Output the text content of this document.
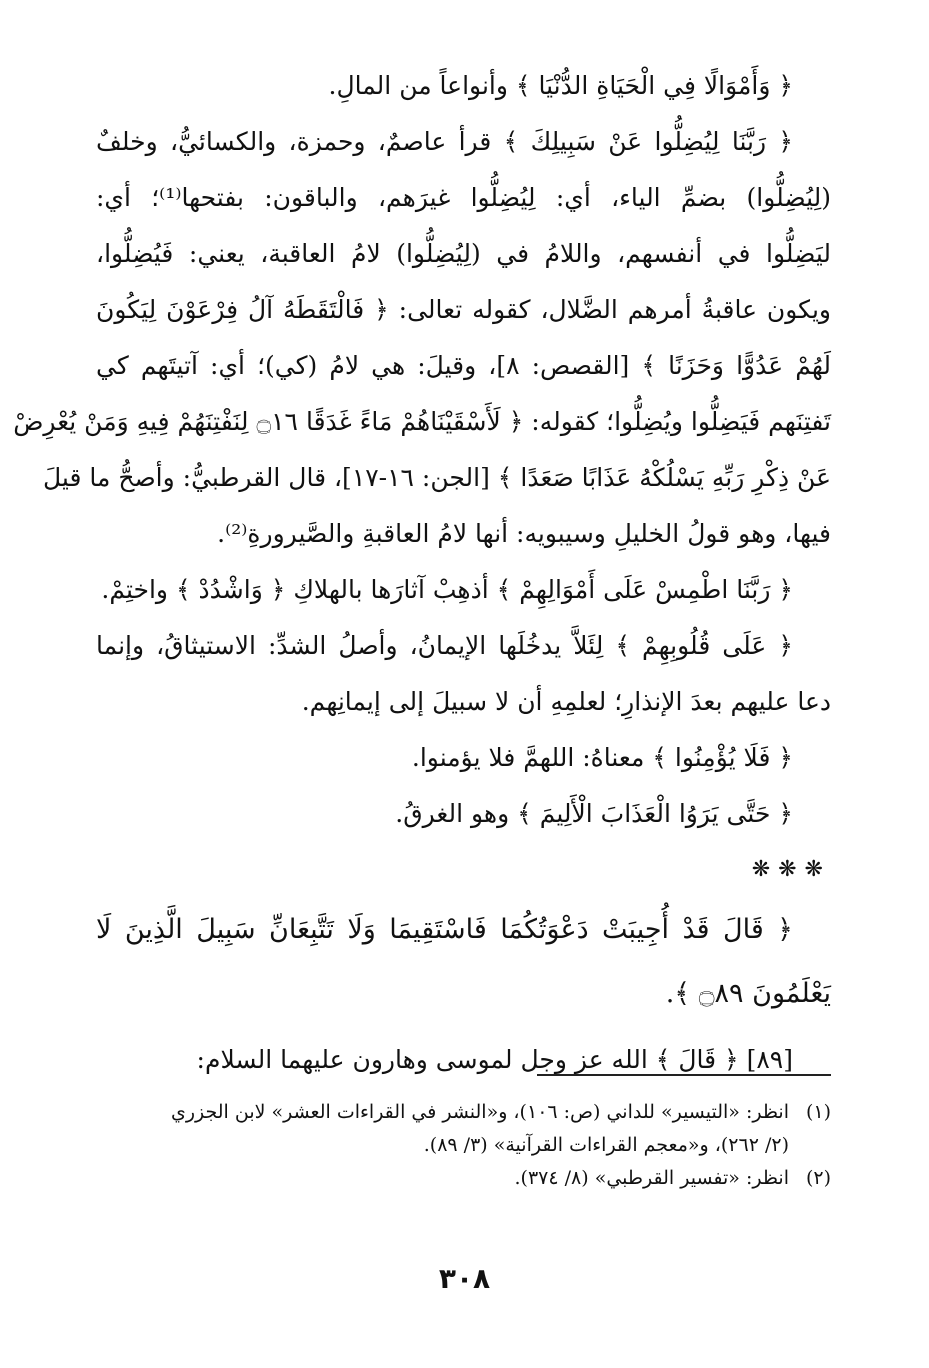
﴿ وَأَمْوَالًا فِي الْحَيَاةِ الدُّنْيَا ﴾ وأنواعاً من المالِ.
﴿ رَبَّنَا لِيُضِلُّوا عَنْ سَبِيلِكَ ﴾ قرأ عاصمٌ، وحمزة، والكسائيُّ، وخلفٌ
(لِيُضِلُّوا) بضمِّ الياء، أي: لِيُضِلُّوا غيرَهم، والباقون: بفتحها⁽¹⁾؛ أي:
ليَضِلُّوا في أنفسهم، واللامُ في (لِيُضِلُّوا) لامُ العاقبة، يعني: فَيُضِلُّوا،
ويكون عاقبةُ أمرهم الضَّلال، كقوله تعالى: ﴿ فَالْتَقَطَهُ آلُ فِرْعَوْنَ لِيَكُونَ
لَهُمْ عَدُوًّا وَحَزَنًا ﴾ [القصص: ٨]، وقيلَ: هي لامُ (كي)؛ أي: آتيتَهم كي
تَفتِنَهم فَيَضِلُّوا ويُضِلُّوا؛ كقوله: ﴿ لَأَسْقَيْنَاهُمْ مَاءً غَدَقًا ۝١٦ لِنَفْتِنَهُمْ فِيهِ وَمَنْ يُعْرِضْ
عَنْ ذِكْرِ رَبِّهِ يَسْلُكْهُ عَذَابًا صَعَدًا ﴾ [الجن: ١٦-١٧]، قال القرطبيُّ: وأصحُّ ما قيلَ
فيها، وهو قولُ الخليلِ وسيبويه: أنها لامُ العاقبةِ والصَّيرورةِ⁽²⁾.
﴿ رَبَّنَا اطْمِسْ عَلَى أَمْوَالِهِمْ ﴾ أذهِبْ آثارَها بالهلاكِ ﴿ وَاشْدُدْ ﴾ واختِمْ.
﴿ عَلَى قُلُوبِهِمْ ﴾ لِئَلاَّ يدخُلَها الإيمانُ، وأصلُ الشدِّ: الاستيثاقُ، وإنما
دعا عليهم بعدَ الإنذارِ؛ لعلمِهِ أن لا سبيلَ إلى إيمانِهم.
﴿ فَلَا يُؤْمِنُوا ﴾ معناهُ: اللهمَّ فلا يؤمنوا.
﴿ حَتَّى يَرَوُا الْعَذَابَ الْأَلِيمَ ﴾ وهو الغرقُ.
❋❋❋
﴿ قَالَ قَدْ أُجِيبَتْ دَعْوَتُكُمَا فَاسْتَقِيمَا وَلَا تَتَّبِعَانِّ سَبِيلَ الَّذِينَ لَا
يَعْلَمُونَ ۝٨٩ ﴾.
[٨٩] ﴿ قَالَ ﴾ الله عز وجل لموسى وهارون عليهما السلام:
(١)
انظر: «التيسير» للداني (ص: ١٠٦)، و«النشر في القراءات العشر» لابن الجزري
(٢/ ٢٦٢)، و«معجم القراءات القرآنية» (٣/ ٨٩).
(٢)
انظر: «تفسير القرطبي» (٨/ ٣٧٤).
٣٠٨
